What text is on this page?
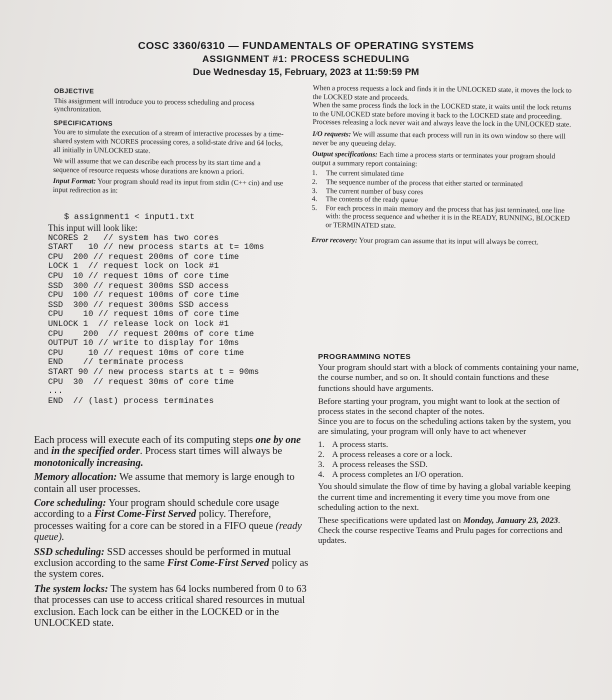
COSC 3360/6310 — FUNDAMENTALS OF OPERATING SYSTEMS
ASSIGNMENT #1: PROCESS SCHEDULING
Due Wednesday 15, February, 2023 at 11:59:59 PM
OBJECTIVE
This assignment will introduce you to process scheduling and process synchronization.
SPECIFICATIONS
You are to simulate the execution of a stream of interactive processes by a time-shared system with NCORES processing cores, a solid-state drive and 64 locks, all initially in UNLOCKED state.
We will assume that we can describe each process by its start time and a sequence of resource requests whose durations are known a priori.
Input Format: Your program should read its input from stdin (C++ cin) and use input redirection as in:
$ assignment1 < input1.txt
This input will look like:
NCORES 2   // system has two cores
START   10 // new process starts at t= 10ms
CPU  200 // request 200ms of core time
LOCK 1  // request lock on lock #1
CPU  10 // request 10ms of core time
SSD  300 // request 300ms SSD access
CPU  100 // request 100ms of core time
SSD  300 // request 300ms SSD access
CPU    10 // request 10ms of core time
UNLOCK 1  // release lock on lock #1
CPU    200  // request 200ms of core time
OUTPUT 10 // write to display for 10ms
CPU     10 // request 10ms of core time
END    // terminate process
START 90 // new process starts at t = 90ms
CPU  30  // request 30ms of core time
...
END  // (last) process terminates
Each process will execute each of its computing steps one by one and in the specified order. Process start times will always be monotonically increasing.
Memory allocation: We assume that memory is large enough to contain all user processes.
Core scheduling: Your program should schedule core usage according to a First Come-First Served policy. Therefore, processes waiting for a core can be stored in a FIFO queue (ready queue).
SSD scheduling: SSD accesses should be performed in mutual exclusion according to the same First Come-First Served policy as the system cores.
The system locks: The system has 64 locks numbered from 0 to 63 that processes can use to access critical shared resources in mutual exclusion. Each lock can be either in the LOCKED or in the UNLOCKED state.
When a process requests a lock and finds it in the UNLOCKED state, it moves the lock to the LOCKED state and proceeds.
When the same process finds the lock in the LOCKED state, it waits until the lock returns to the UNLOCKED state before moving it back to the LOCKED state and proceeding.
Processes releasing a lock never wait and always leave the lock in the UNLOCKED state.
I/O requests: We will assume that each process will run in its own window so there will never be any queueing delay.
Output specifications: Each time a process starts or terminates your program should output a summary report containing:
1.	The current simulated time
2.	The sequence number of the process that either started or terminated
3.	The current number of busy cores
4.	The contents of the ready queue
5.	For each process in main memory and the process that has just terminated, one line with: the process sequence and whether it is in the READY, RUNNING, BLOCKED or TERMINATED state.
Error recovery: Your program can assume that its input will always be correct.
PROGRAMMING NOTES
Your program should start with a block of comments containing your name, the course number, and so on. It should contain functions and these functions should have arguments.
Before starting your program, you might want to look at the section of process states in the second chapter of the notes.
Since you are to focus on the scheduling actions taken by the system, you are simulating, your program will only have to act whenever
1. A process starts.
2. A process releases a core or a lock.
3. A process releases the SSD.
4. A process completes an I/O operation.
You should simulate the flow of time by having a global variable keeping the current time and incrementing it every time you move from one scheduling action to the next.
These specifications were updated last on Monday, January 23, 2023. Check the course respective Teams and Prulu pages for corrections and updates.
